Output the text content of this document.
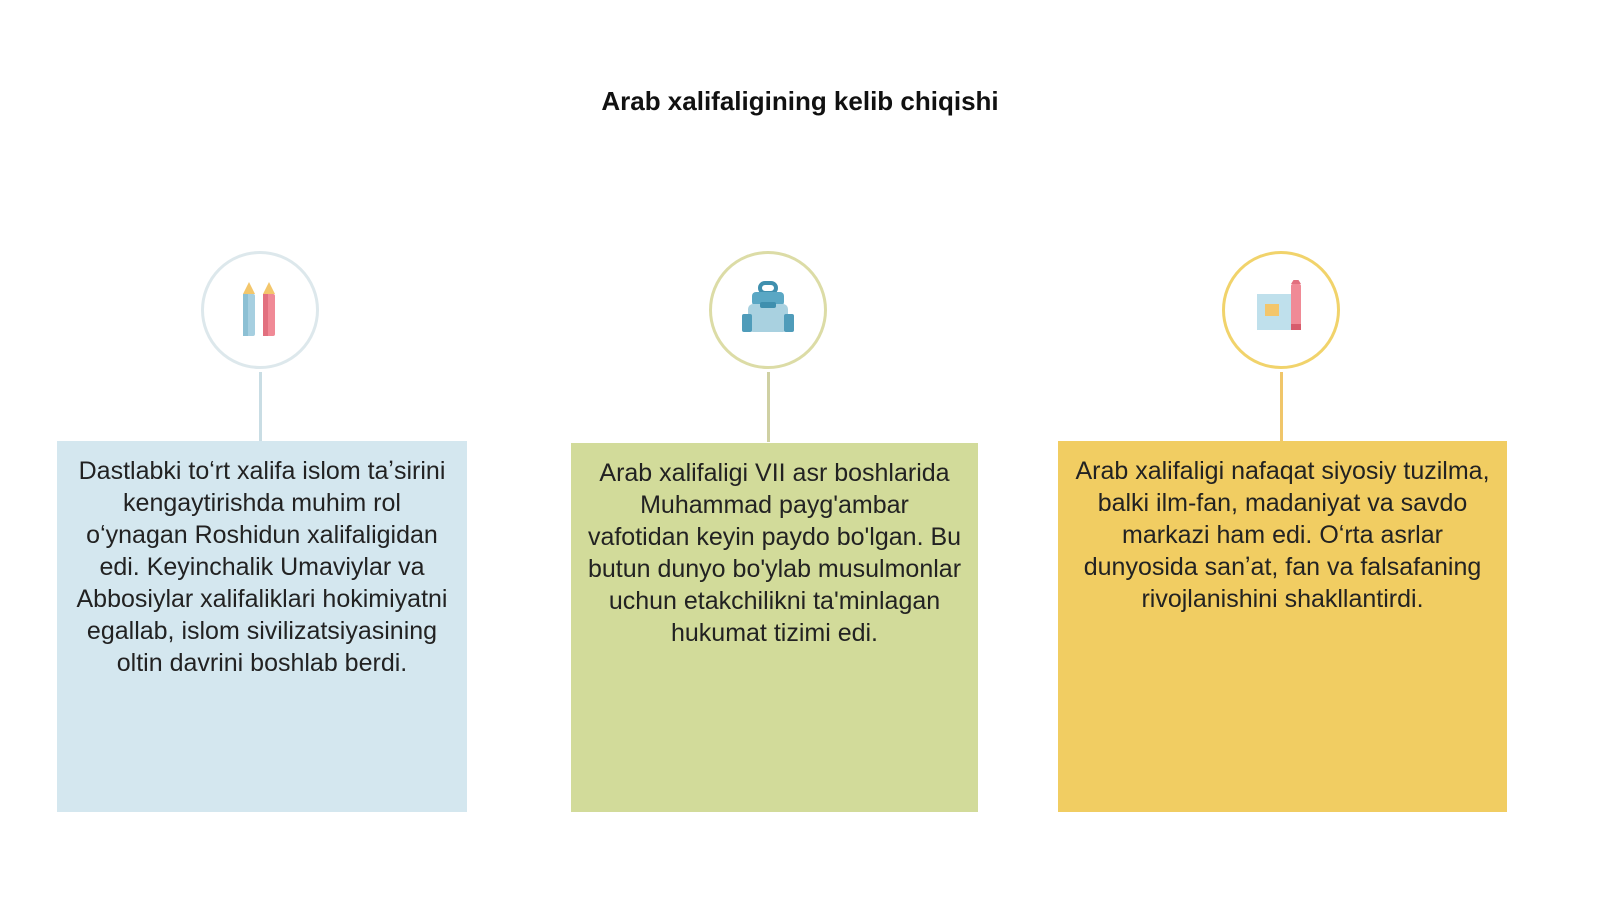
Arab xalifaligining kelib chiqishi
Dastlabki toʻrt xalifa islom taʼsirini kengaytirishda muhim rol oʻynagan Roshidun xalifaligidan edi. Keyinchalik Umaviylar va Abbosiylar xalifaliklari hokimiyatni egallab, islom sivilizatsiyasining oltin davrini boshlab berdi.
Arab xalifaligi VII asr boshlarida Muhammad payg'ambar vafotidan keyin paydo bo'lgan. Bu butun dunyo bo'ylab musulmonlar uchun etakchilikni ta'minlagan hukumat tizimi edi.
Arab xalifaligi nafaqat siyosiy tuzilma, balki ilm-fan, madaniyat va savdo markazi ham edi. Oʻrta asrlar dunyosida sanʼat, fan va falsafaning rivojlanishini shakllantirdi.
